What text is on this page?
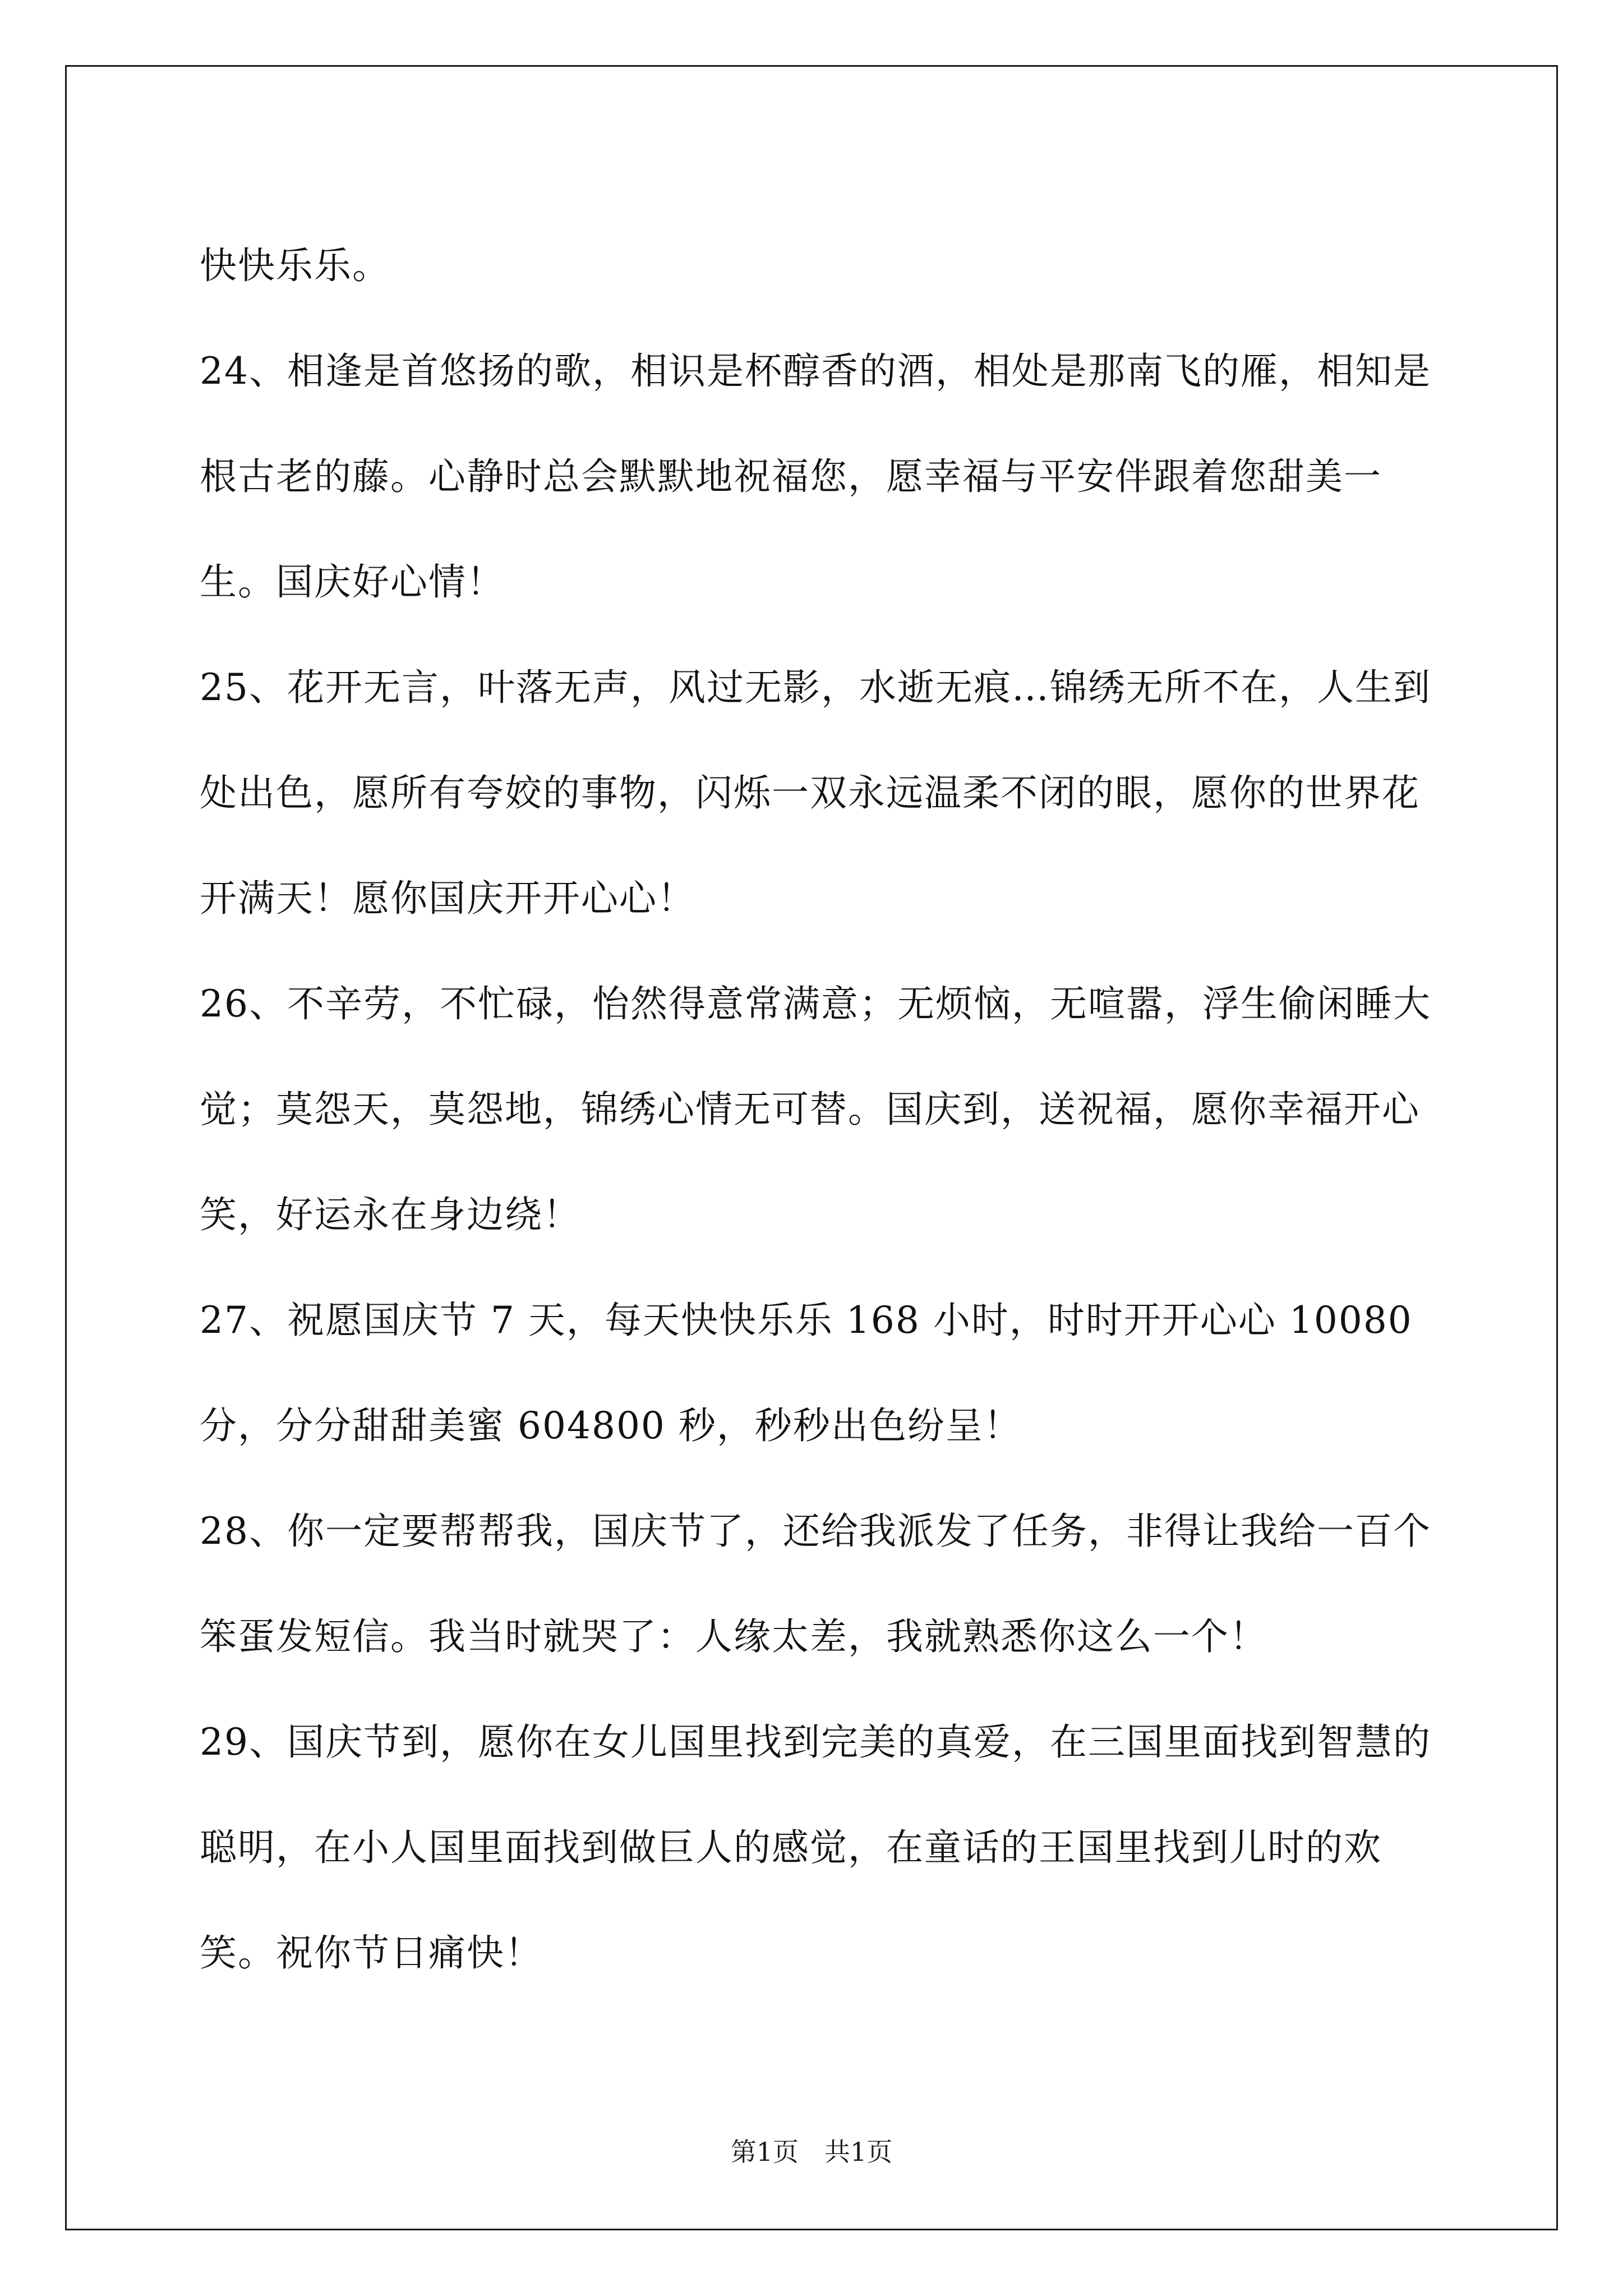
快快乐乐。

24、相逢是首悠扬的歌，相识是杯醇香的酒，相处是那南飞的雁，相知是根古老的藤。心静时总会默默地祝福您，愿幸福与平安伴跟着您甜美一生。国庆好心情！

25、花开无言，叶落无声，风过无影，水逝无痕…锦绣无所不在，人生到处出色，愿所有夸姣的事物，闪烁一双永远温柔不闭的眼，愿你的世界花开满天！愿你国庆开开心心！

26、不辛劳，不忙碌，怡然得意常满意；无烦恼，无喧嚣，浮生偷闲睡大觉；莫怨天，莫怨地，锦绣心情无可替。国庆到，送祝福，愿你幸福开心笑，好运永在身边绕！

27、祝愿国庆节 7 天，每天快快乐乐 168 小时，时时开开心心 10080 分，分分甜甜美蜜 604800 秒，秒秒出色纷呈！

28、你一定要帮帮我，国庆节了，还给我派发了任务，非得让我给一百个笨蛋发短信。我当时就哭了：人缘太差，我就熟悉你这么一个！

29、国庆节到，愿你在女儿国里找到完美的真爱，在三国里面找到智慧的聪明，在小人国里面找到做巨人的感觉，在童话的王国里找到儿时的欢笑。祝你节日痛快！

第1页　共1页
